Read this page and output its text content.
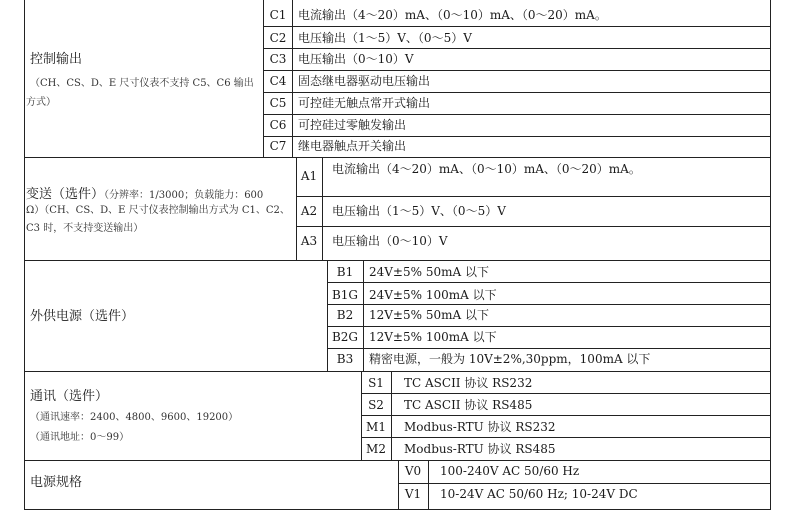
控制输出
（CH、CS、D、E 尺寸仪表不支持 C5、C6 输出
方式）
C1 电流输出（4～20）mA、（0～10）mA、（0～20）mA。
C2 电压输出（1～5）V、（0～5）V
C3 电压输出（0～10）V
C4 固态继电器驱动电压输出
C5 可控硅无触点常开式输出
C6 可控硅过零触发输出
C7 继电器触点开关输出
变送（选件）（分辨率：1/3000；负载能力：600
Ω）（CH、CS、D、E 尺寸仪表控制输出方式为 C1、C2、
C3 时，不支持变送输出）
A1	电流输出（4～20）mA、（0～10）mA、（0～20）mA。
A2	电压输出（1～5）V、（0～5）V
A3	电压输出（0～10）V
外供电源（选件）
B1	24V±5% 50mA 以下
B1G 24V±5% 100mA 以下
B2	12V±5% 50mA 以下
B2G 12V±5% 100mA 以下
B3	精密电源，一般为 10V±2%,30ppm，100mA 以下
通讯（选件）
（通讯速率：2400、4800、9600、19200）
（通讯地址：0～99）
S1	TC ASCII 协议 RS232
S2	TC ASCII 协议 RS485
M1	Modbus-RTU 协议 RS232
M2	Modbus-RTU 协议 RS485
电源规格
V0	100-240V AC 50/60 Hz
V1	10-24V AC 50/60 Hz; 10-24V DC
